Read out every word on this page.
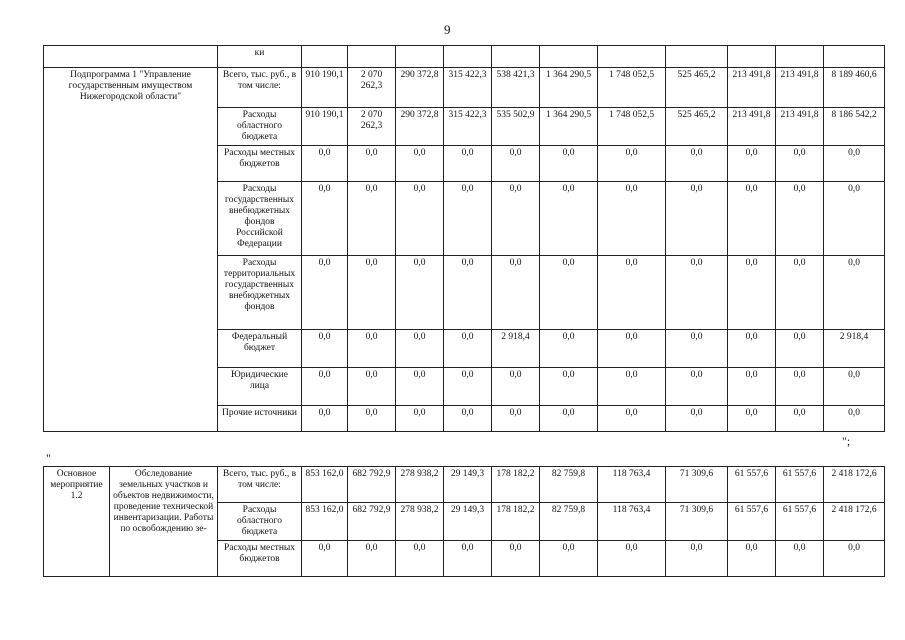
9
	ки											
Подпрограмма 1 "Управление государственным имуществом Нижегородской области"	Всего, тыс. руб., в том числе:	910 190,1	2 070 262,3	290 372,8	315 422,3	538 421,3	1 364 290,5	1 748 052,5	525 465,2	213 491,8	213 491,8	8 189 460,6
	Расходы областного бюджета	910 190,1	2 070 262,3	290 372,8	315 422,3	535 502,9	1 364 290,5	1 748 052,5	525 465,2	213 491,8	213 491,8	8 186 542,2
	Расходы местных бюджетов	0,0	0,0	0,0	0,0	0,0	0,0	0,0	0,0	0,0	0,0	0,0
	Расходы государственных внебюджетных фондов Российской Федерации	0,0	0,0	0,0	0,0	0,0	0,0	0,0	0,0	0,0	0,0	0,0
	Расходы территориальных государственных внебюджетных фондов	0,0	0,0	0,0	0,0	0,0	0,0	0,0	0,0	0,0	0,0	0,0
	Федеральный бюджет	0,0	0,0	0,0	0,0	2 918,4	0,0	0,0	0,0	0,0	0,0	2 918,4
	Юридические лица	0,0	0,0	0,0	0,0	0,0	0,0	0,0	0,0	0,0	0,0	0,0
	Прочие источники	0,0	0,0	0,0	0,0	0,0	0,0	0,0	0,0	0,0	0,0	0,0
";
"
Основное мероприятие 1.2	Обследование земельных участков и объектов недвижимости, проведение технической инвентаризации. Работы по освобождению зе-	Всего, тыс. руб., в том числе:	853 162,0	682 792,9	278 938,2	29 149,3	178 182,2	82 759,8	118 763,4	71 309,6	61 557,6	61 557,6	2 418 172,6
		Расходы областного бюджета	853 162,0	682 792,9	278 938,2	29 149,3	178 182,2	82 759,8	118 763,4	71 309,6	61 557,6	61 557,6	2 418 172,6
		Расходы местных бюджетов	0,0	0,0	0,0	0,0	0,0	0,0	0,0	0,0	0,0	0,0	0,0
